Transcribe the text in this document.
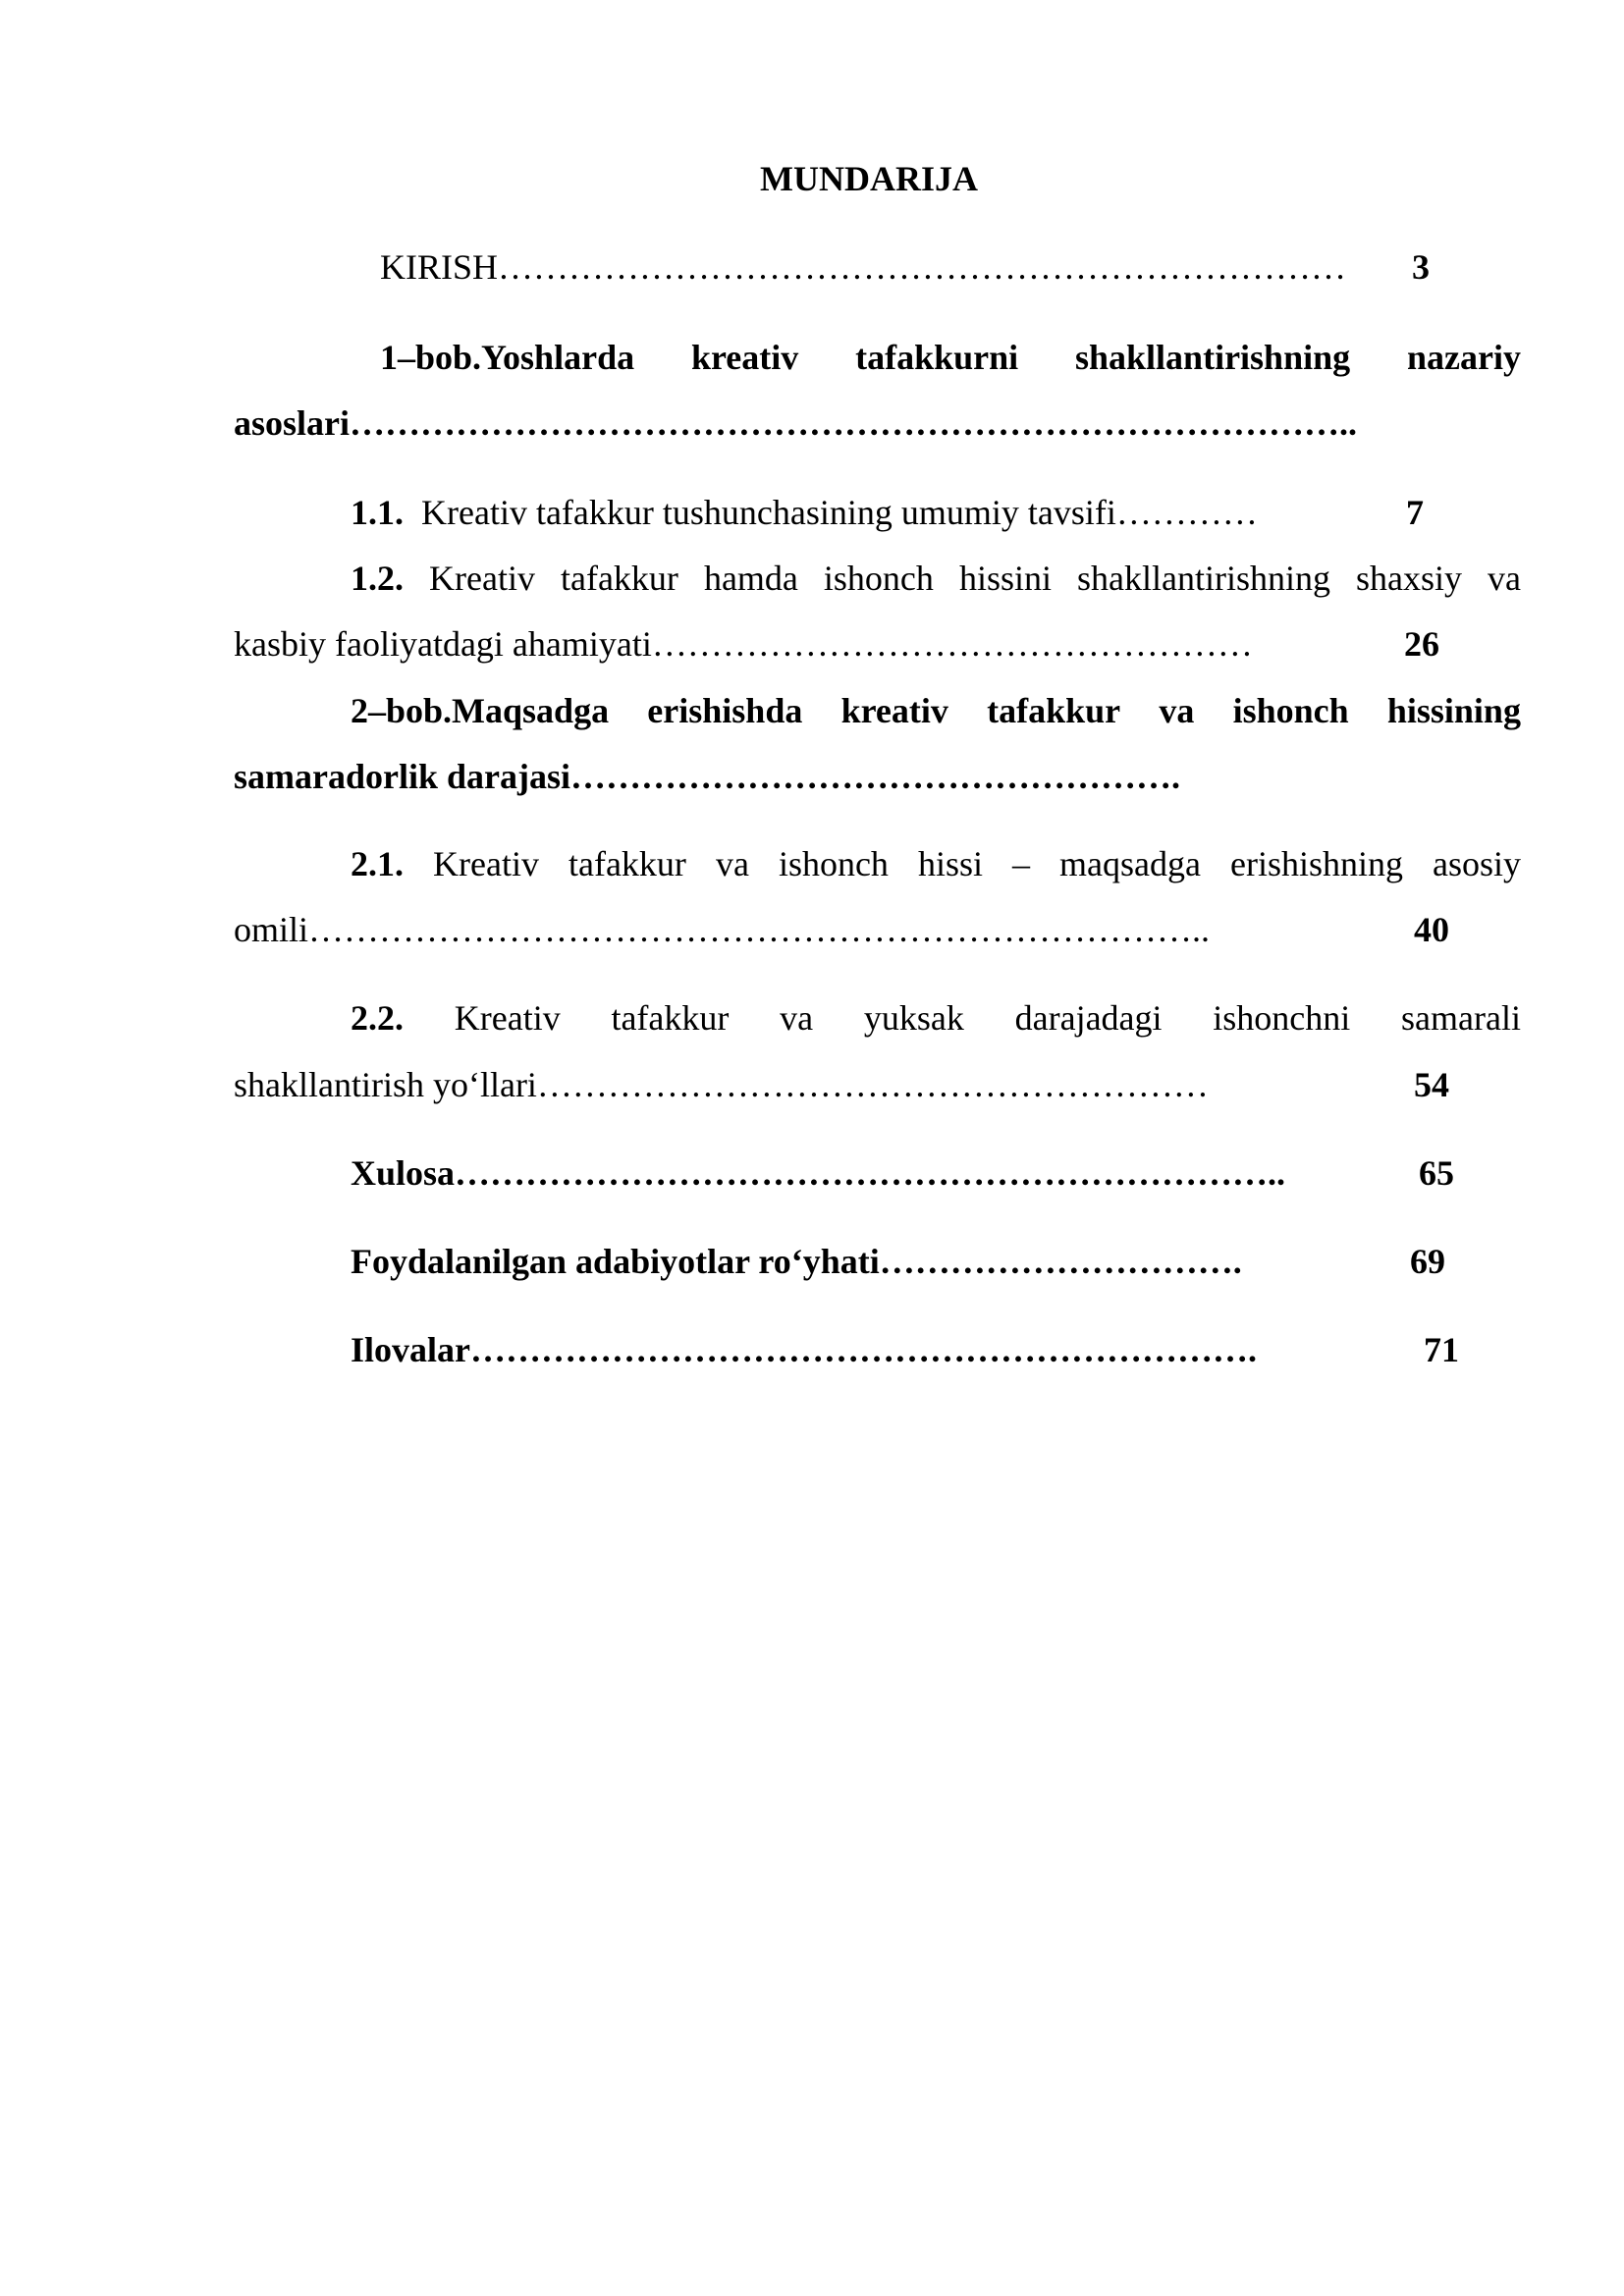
MUNDARIJA
KIRISH……………………………………………………………… 3
1–bob.Yoshlarda kreativ tafakkurni shakllantirishning nazariy
asoslari…………………………………………………………………………..
1.1. Kreativ tafakkur tushunchasining umumiy tavsifi…………	7
1.2. Kreativ tafakkur hamda ishonch hissini shakllantirishning shaxsiy va
kasbiy faoliyatdagi ahamiyati……………………………………………	26
2–bob.Maqsadga erishishda kreativ tafakkur va ishonch hissining
samaradorlik darajasi…………………………………………….
2.1. Kreativ tafakkur va ishonch hissi – maqsadga erishishning asosiy
omili…………………………………………………………………..	40
2.2. Kreativ tafakkur va yuksak darajadagi ishonchni samarali
shakllantirish yo‘llari…………………………………………………	54
Xulosa……………………………………………………………..	65
Foydalanilgan adabiyotlar ro‘yhati………………………….	69
Ilovalar………………………………………………………….	71
